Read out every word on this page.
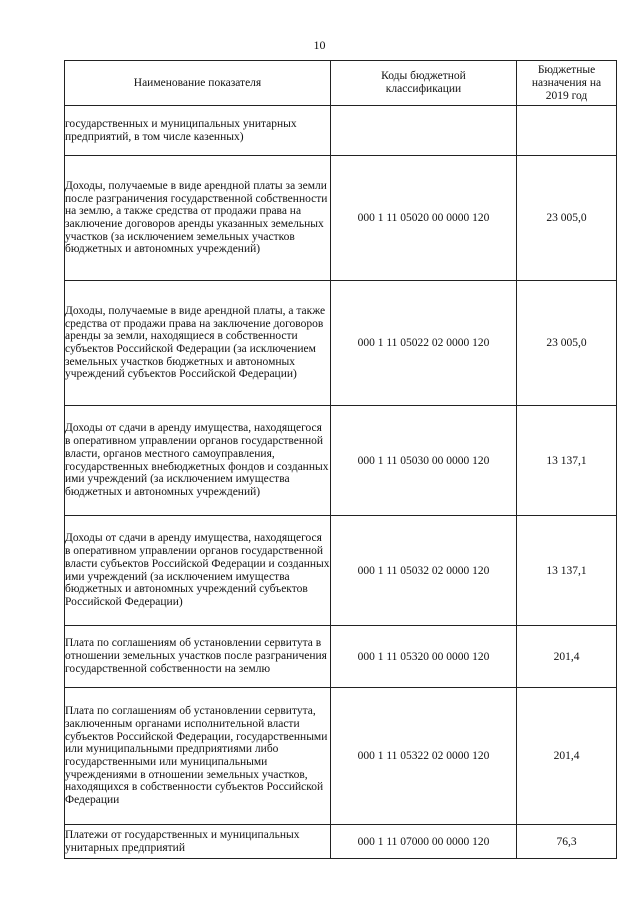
10
Наименование показателя	Коды бюджетной классификации	Бюджетные назначения на 2019 год
государственных и муниципальных унитарных предприятий, в том числе казенных)		
Доходы, получаемые в виде арендной платы за земли после разграничения государственной собственности на землю, а также средства от продажи права на заключение договоров аренды указанных земельных участков (за исключением земельных участков бюджетных и автономных учреждений)	000 1 11 05020 00 0000 120	23 005,0
Доходы, получаемые в виде арендной платы, а также средства от продажи права на заключение договоров аренды за земли, находящиеся в собственности субъектов Российской Федерации (за исключением земельных участков бюджетных и автономных учреждений субъектов Российской Федерации)	000 1 11 05022 02 0000 120	23 005,0
Доходы от сдачи в аренду имущества, находящегося в оперативном управлении органов государственной власти, органов местного самоуправления, государственных внебюджетных фондов и созданных ими учреждений (за исключением имущества бюджетных и автономных учреждений)	000 1 11 05030 00 0000 120	13 137,1
Доходы от сдачи в аренду имущества, находящегося в оперативном управлении органов государственной власти субъектов Российской Федерации и созданных ими учреждений (за исключением имущества бюджетных и автономных учреждений субъектов Российской Федерации)	000 1 11 05032 02 0000 120	13 137,1
Плата по соглашениям об установлении сервитута в отношении земельных участков после разграничения государственной собственности на землю	000 1 11 05320 00 0000 120	201,4
Плата по соглашениям об установлении сервитута, заключенным органами исполнительной власти субъектов Российской Федерации, государственными или муниципальными предприятиями либо государственными или муниципальными учреждениями в отношении земельных участков, находящихся в собственности субъектов Российской Федерации	000 1 11 05322 02 0000 120	201,4
Платежи от государственных и муниципальных унитарных предприятий	000 1 11 07000 00 0000 120	76,3
